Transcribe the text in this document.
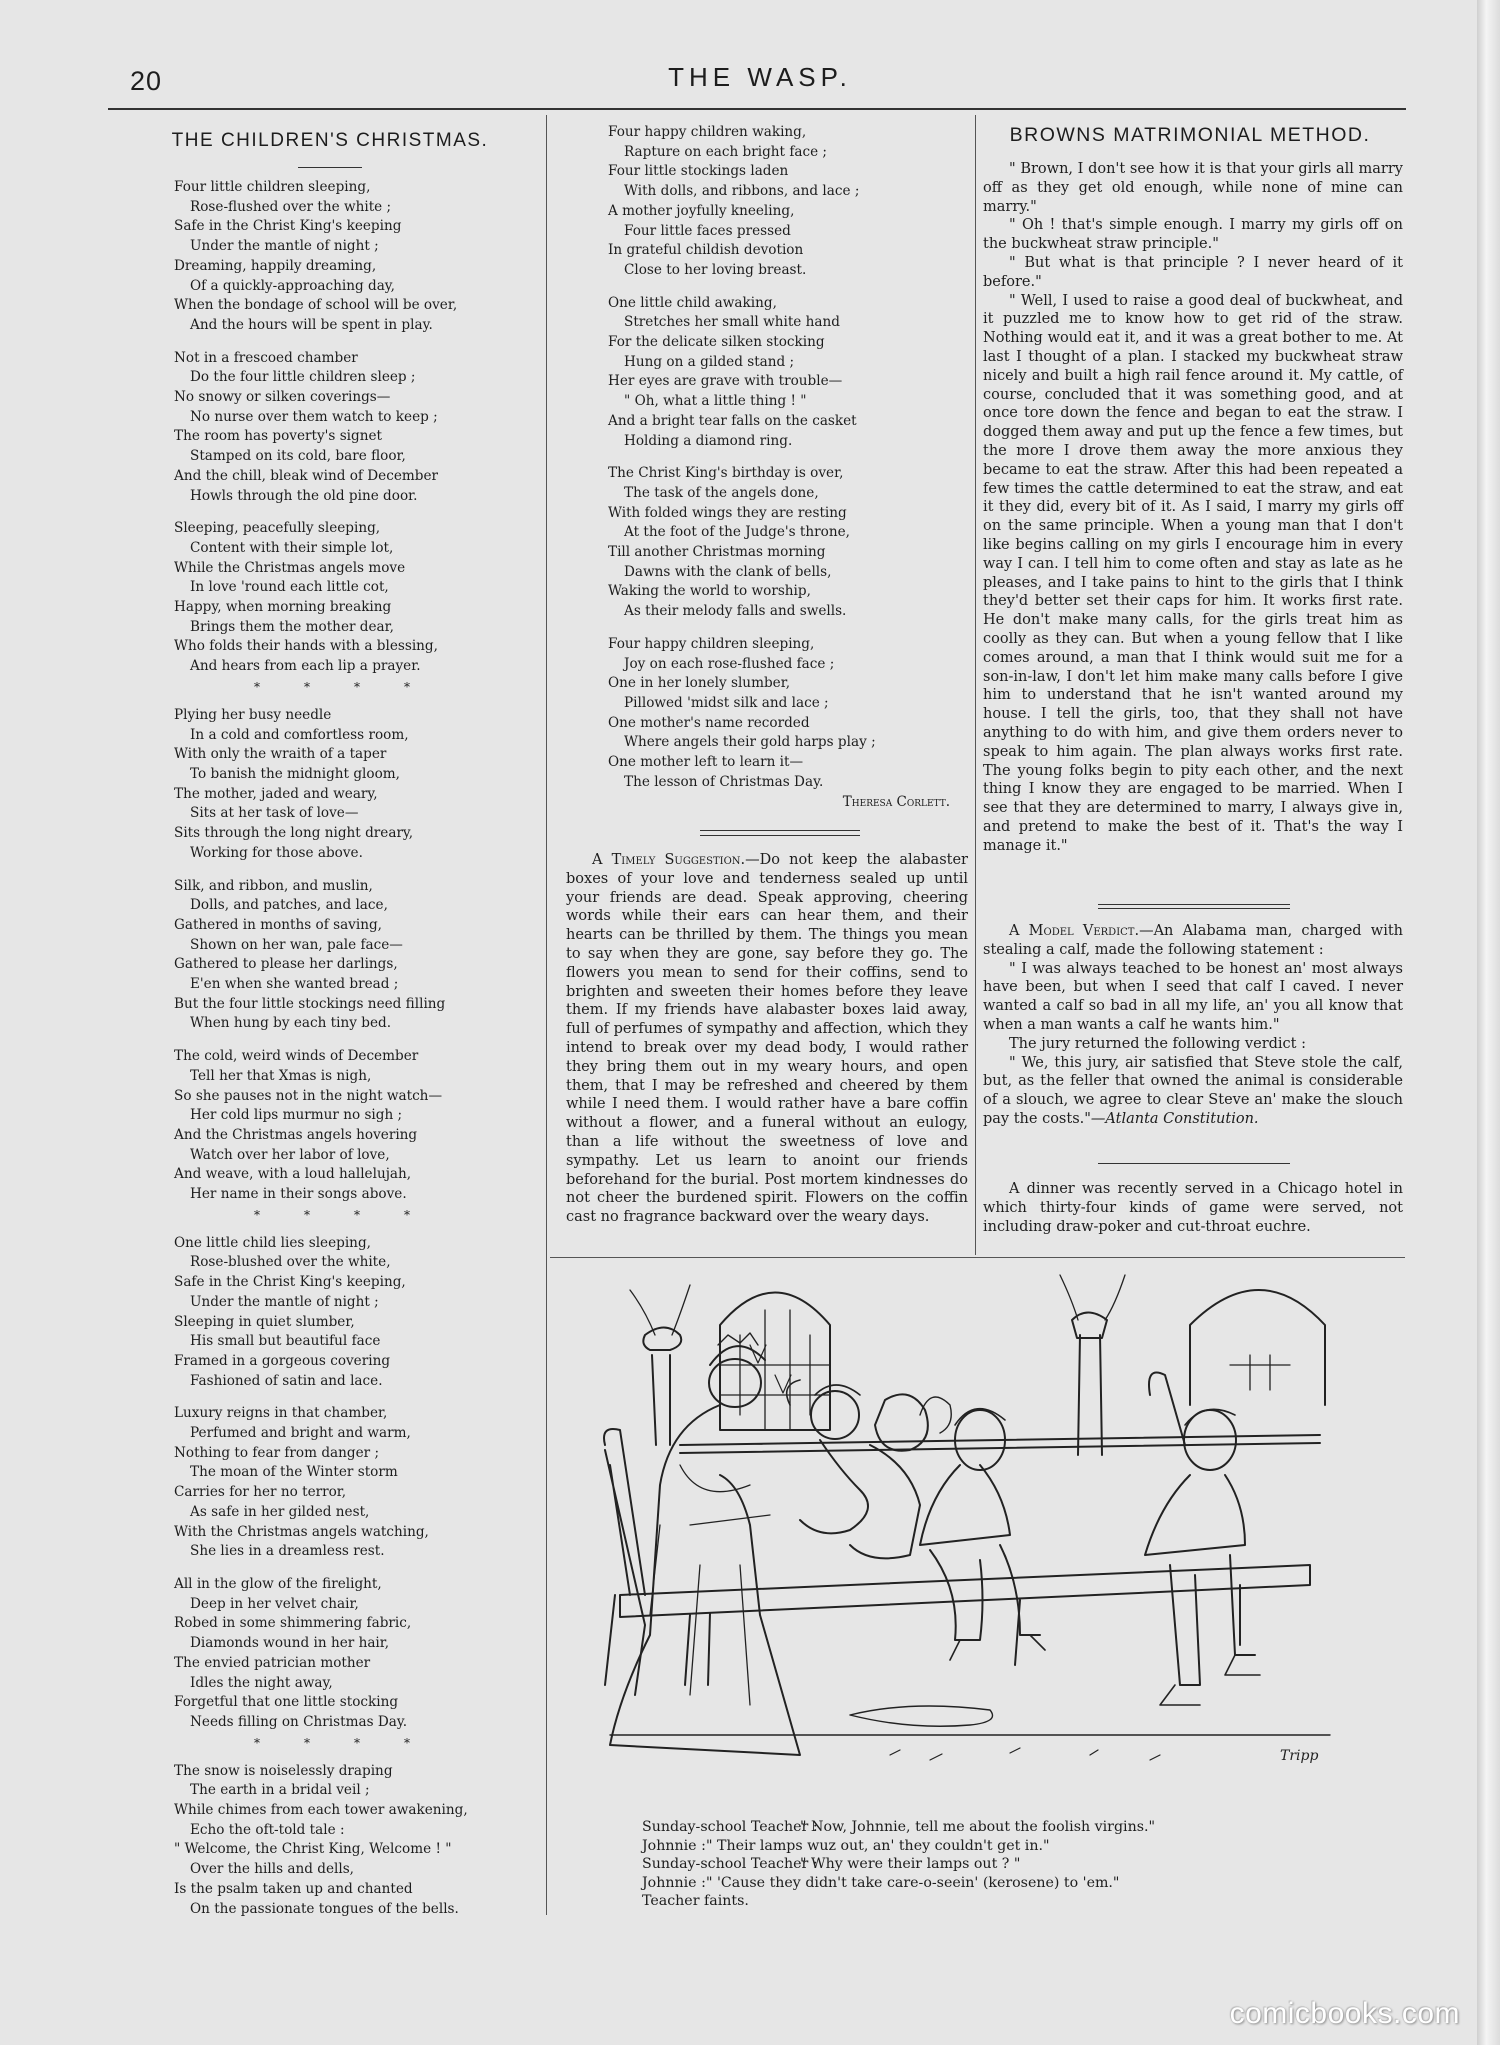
20	THE WASP.
THE CHILDREN'S CHRISTMAS.
Four little children sleeping,
Rose-flushed over the white ;
Safe in the Christ King's keeping
Under the mantle of night ;
Dreaming, happily dreaming,
Of a quickly-approaching day,
When the bondage of school will be over,
And the hours will be spent in play.
Not in a frescoed chamber
Do the four little children sleep ;
No snowy or silken coverings—
No nurse over them watch to keep ;
The room has poverty's signet
Stamped on its cold, bare floor,
And the chill, bleak wind of December
Howls through the old pine door.
Sleeping, peacefully sleeping,
Content with their simple lot,
While the Christmas angels move
In love 'round each little cot,
Happy, when morning breaking
Brings them the mother dear,
Who folds their hands with a blessing,
And hears from each lip a prayer.
****
Plying her busy needle
In a cold and comfortless room,
With only the wraith of a taper
To banish the midnight gloom,
The mother, jaded and weary,
Sits at her task of love—
Sits through the long night dreary,
Working for those above.
Silk, and ribbon, and muslin,
Dolls, and patches, and lace,
Gathered in months of saving,
Shown on her wan, pale face—
Gathered to please her darlings,
E'en when she wanted bread ;
But the four little stockings need filling
When hung by each tiny bed.
The cold, weird winds of December
Tell her that Xmas is nigh,
So she pauses not in the night watch—
Her cold lips murmur no sigh ;
And the Christmas angels hovering
Watch over her labor of love,
And weave, with a loud hallelujah,
Her name in their songs above.
****
One little child lies sleeping,
Rose-blushed over the white,
Safe in the Christ King's keeping,
Under the mantle of night ;
Sleeping in quiet slumber,
His small but beautiful face
Framed in a gorgeous covering
Fashioned of satin and lace.
Luxury reigns in that chamber,
Perfumed and bright and warm,
Nothing to fear from danger ;
The moan of the Winter storm
Carries for her no terror,
As safe in her gilded nest,
With the Christmas angels watching,
She lies in a dreamless rest.
All in the glow of the firelight,
Deep in her velvet chair,
Robed in some shimmering fabric,
Diamonds wound in her hair,
The envied patrician mother
Idles the night away,
Forgetful that one little stocking
Needs filling on Christmas Day.
****
The snow is noiselessly draping
The earth in a bridal veil ;
While chimes from each tower awakening,
Echo the oft-told tale :
" Welcome, the Christ King, Welcome ! "
Over the hills and dells,
Is the psalm taken up and chanted
On the passionate tongues of the bells.
Four happy children waking,
Rapture on each bright face ;
Four little stockings laden
With dolls, and ribbons, and lace ;
A mother joyfully kneeling,
Four little faces pressed
In grateful childish devotion
Close to her loving breast.
One little child awaking,
Stretches her small white hand
For the delicate silken stocking
Hung on a gilded stand ;
Her eyes are grave with trouble—
" Oh, what a little thing ! "
And a bright tear falls on the casket
Holding a diamond ring.
The Christ King's birthday is over,
The task of the angels done,
With folded wings they are resting
At the foot of the Judge's throne,
Till another Christmas morning
Dawns with the clank of bells,
Waking the world to worship,
As their melody falls and swells.
Four happy children sleeping,
Joy on each rose-flushed face ;
One in her lonely slumber,
Pillowed 'midst silk and lace ;
One mother's name recorded
Where angels their gold harps play ;
One mother left to learn it—
The lesson of Christmas Day.
Theresa Corlett.

A Timely Suggestion.—Do not keep the alabaster boxes of your love and tenderness sealed up until your friends are dead. Speak approving, cheering words while their ears can hear them, and their hearts can be thrilled by them. The things you mean to say when they are gone, say before they go. The flowers you mean to send for their coffins, send to brighten and sweeten their homes before they leave them. If my friends have alabaster boxes laid away, full of perfumes of sympathy and affection, which they intend to break over my dead body, I would rather they bring them out in my weary hours, and open them, that I may be refreshed and cheered by them while I need them. I would rather have a bare coffin without a flower, and a funeral without an eulogy, than a life without the sweetness of love and sympathy. Let us learn to anoint our friends beforehand for the burial. Post mortem kindnesses do not cheer the burdened spirit. Flowers on the coffin cast no fragrance backward over the weary days.

BROWNS MATRIMONIAL METHOD.

" Brown, I don't see how it is that your girls all marry off as they get old enough, while none of mine can marry."

" Oh ! that's simple enough. I marry my girls off on the buckwheat straw principle."

" But what is that principle ? I never heard of it before."

" Well, I used to raise a good deal of buckwheat, and it puzzled me to know how to get rid of the straw. Nothing would eat it, and it was a great bother to me. At last I thought of a plan. I stacked my buckwheat straw nicely and built a high rail fence around it. My cattle, of course, concluded that it was something good, and at once tore down the fence and began to eat the straw. I dogged them away and put up the fence a few times, but the more I drove them away the more anxious they became to eat the straw. After this had been repeated a few times the cattle determined to eat the straw, and eat it they did, every bit of it. As I said, I marry my girls off on the same principle. When a young man that I don't like begins calling on my girls I encourage him in every way I can. I tell him to come often and stay as late as he pleases, and I take pains to hint to the girls that I think they'd better set their caps for him. It works first rate. He don't make many calls, for the girls treat him as coolly as they can. But when a young fellow that I like comes around, a man that I think would suit me for a son-in-law, I don't let him make many calls before I give him to understand that he isn't wanted around my house. I tell the girls, too, that they shall not have anything to do with him, and give them orders never to speak to him again. The plan always works first rate. The young folks begin to pity each other, and the next thing I know they are engaged to be married. When I see that they are determined to marry, I always give in, and pretend to make the best of it. That's the way I manage it."

A Model Verdict.—An Alabama man, charged with stealing a calf, made the following statement :

" I was always teached to be honest an' most always have been, but when I seed that calf I caved. I never wanted a calf so bad in all my life, an' you all know that when a man wants a calf he wants him."

The jury returned the following verdict :

" We, this jury, air satisfied that Steve stole the calf, but, as the feller that owned the animal is considerable of a slouch, we agree to clear Steve an' make the slouch pay the costs."—Atlanta Constitution.

A dinner was recently served in a Chicago hotel in which thirty-four kinds of game were served, not including draw-poker and cut-throat euchre.

Tripp
Sunday-school Teacher :" Now, Johnnie, tell me about the foolish virgins."
Johnnie :" Their lamps wuz out, an' they couldn't get in."
Sunday-school Teacher :" Why were their lamps out ? "
Johnnie :" 'Cause they didn't take care-o-seein' (kerosene) to 'em."
Teacher faints.
comicbooks.com
